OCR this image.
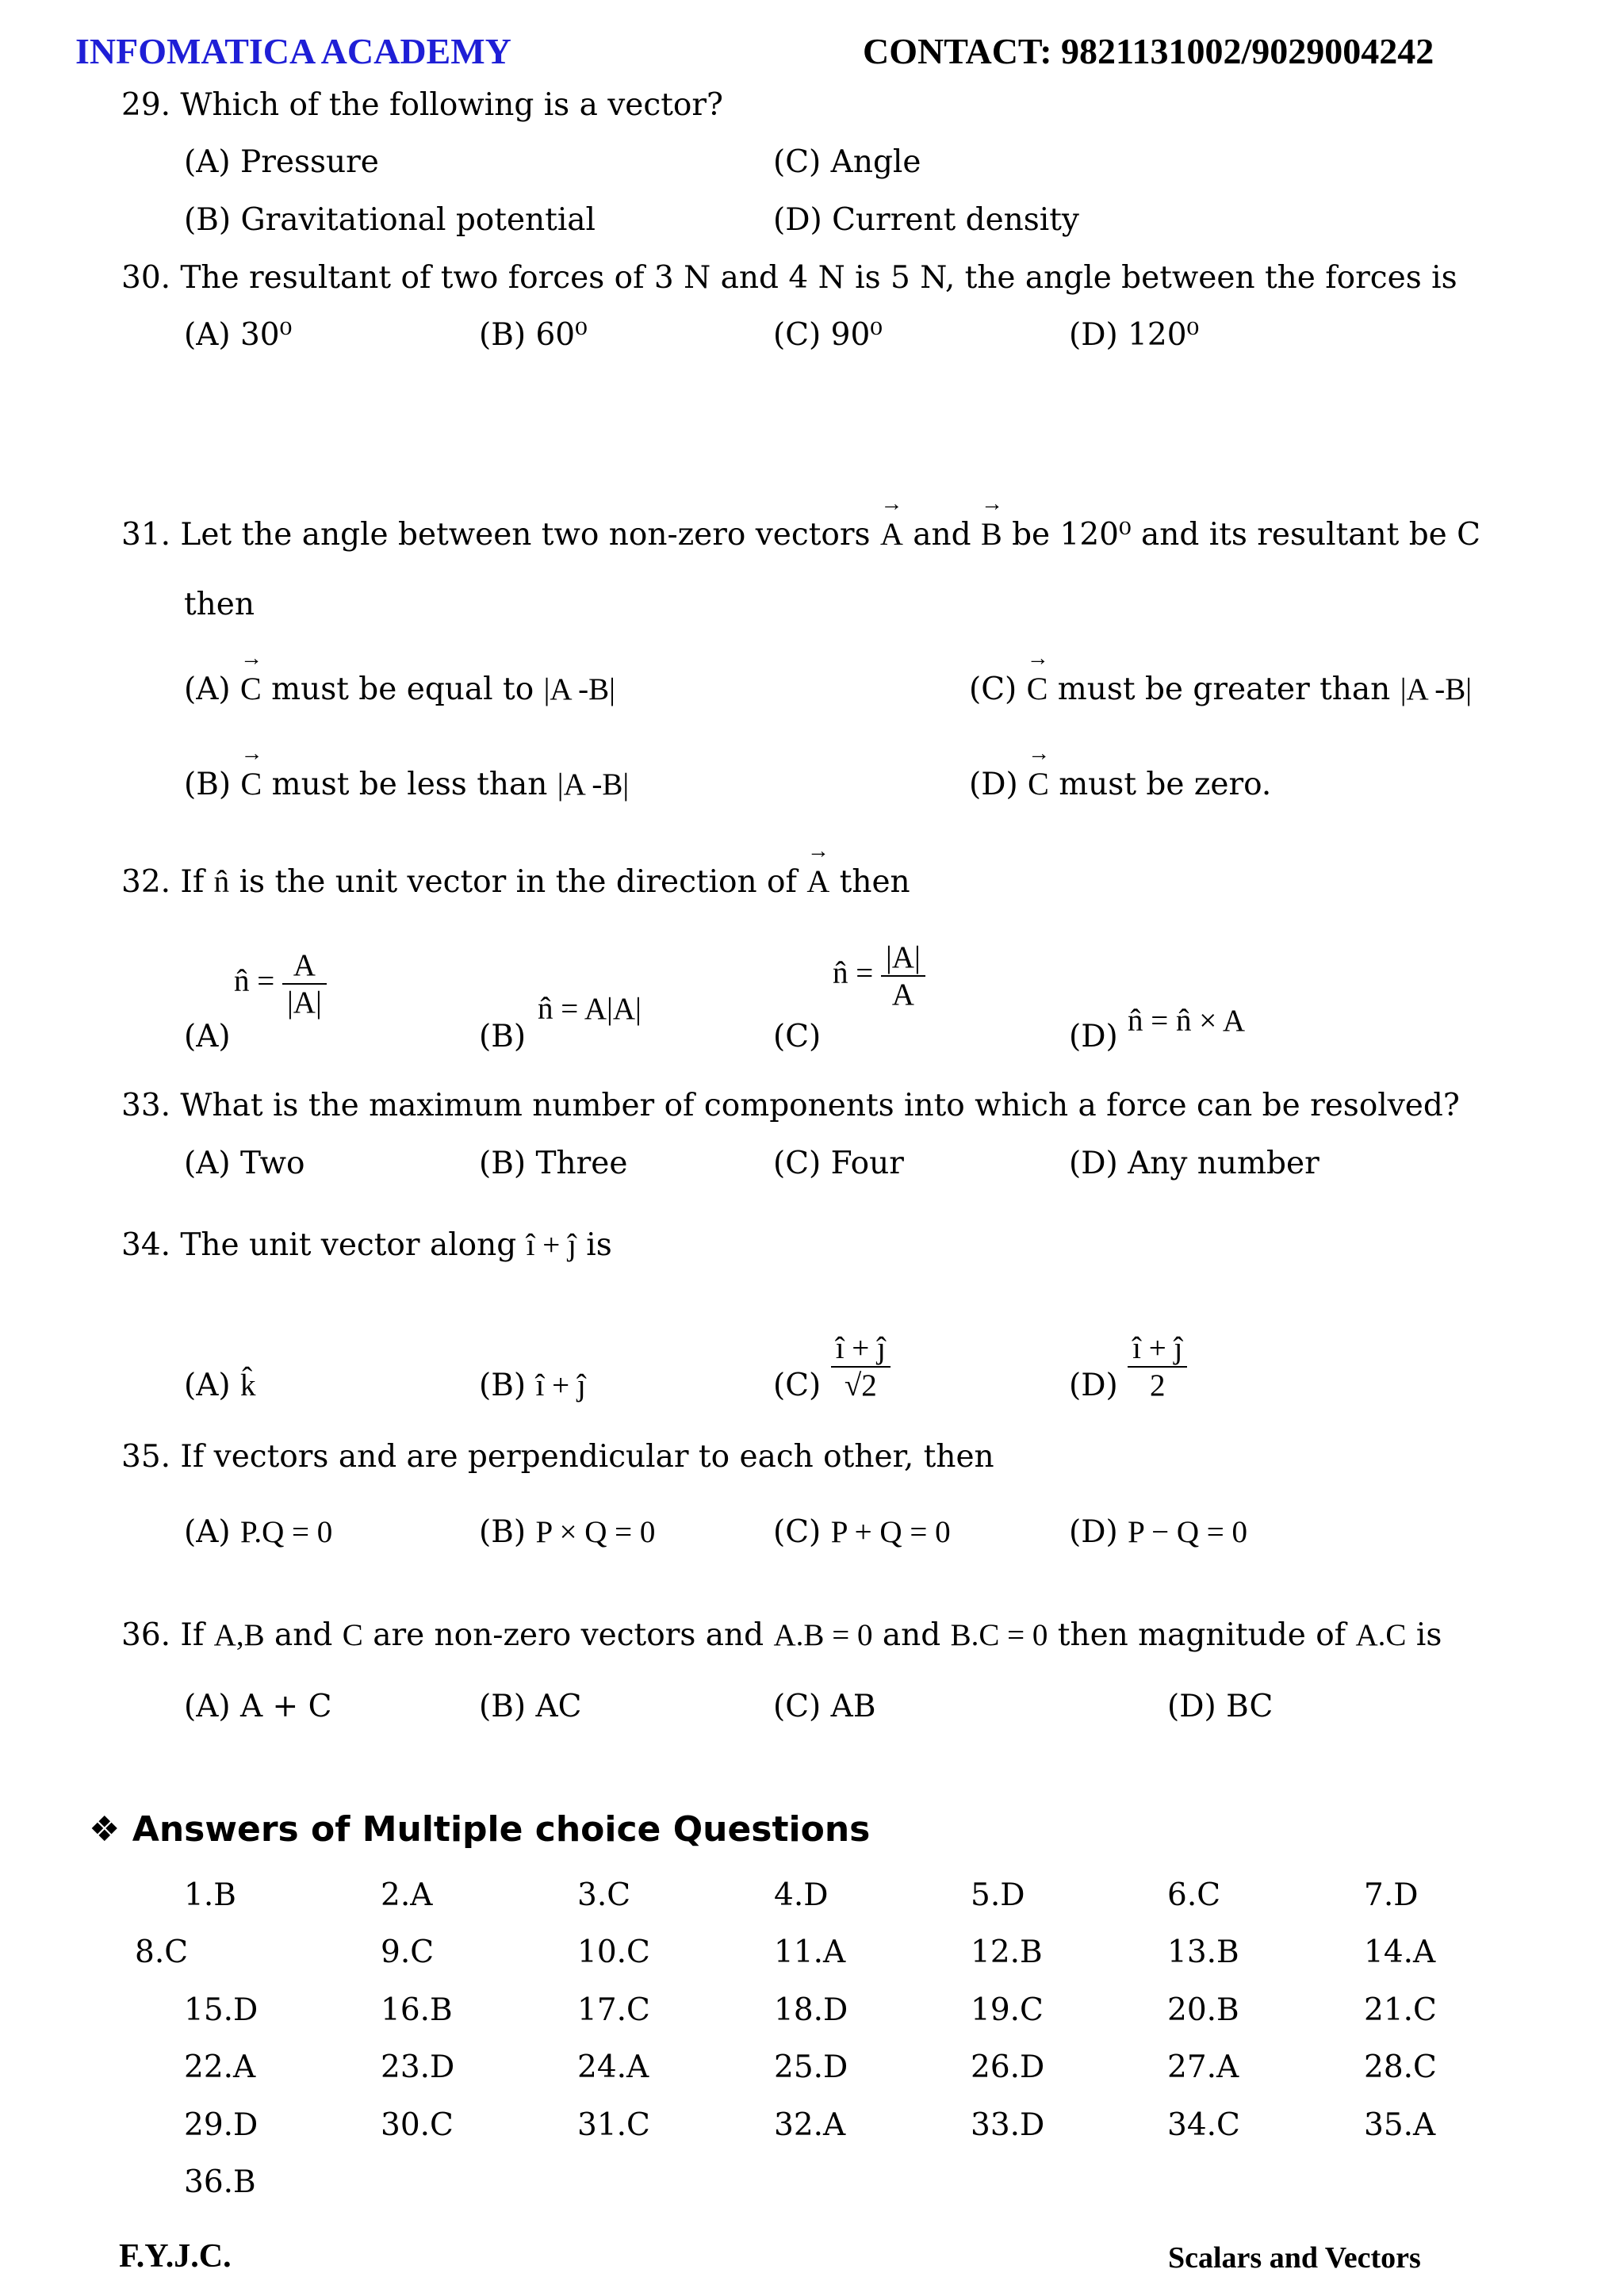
INFOMATICA ACADEMY	CONTACT: 9821131002/9029004242
29. Which of the following is a vector?
(A) Pressure	(C) Angle
(B) Gravitational potential	(D) Current density
30. The resultant of two forces of 3 N and 4 N is 5 N, the angle between the forces is
(A) 30⁰	(B) 60⁰	(C) 90⁰	(D) 120⁰
31. Let the angle between two non-zero vectors
→
A and
→
B be 120⁰ and its resultant be C
then
(A)
→
C must be equal to |A -B|	(C)
→
C must be greater than |A -B|
(B)
→
C must be less than |A -B|	(D)
→
C must be zero.
32. If n̂ is the unit vector in the direction of
→
A then
(A)
n̂ = $\frac{A}{|A|}$
(B)
n̂ = A|A|
(C)
n̂ = $\frac{|A|}{A}$
(D) n̂ = n̂ × A
33. What is the maximum number of components into which a force can be resolved?
(A) Two	(B) Three	(C) Four	(D) Any number
34. The unit vector along î + ĵ is
(A) k̂	(B) î + ĵ	$(C) \frac{î + ĵ}{√2}$	$(D) \frac{î + ĵ}{2}$
35. If vectors and are perpendicular to each other, then
(A) P.Q = 0	(B) P × Q = 0	(C) P + Q = 0	(D) P − Q = 0
36. If A,B and C are non-zero vectors and A.B = 0 and B.C = 0 then magnitude of A.C is
(A) A + C	(B) AC	(C) AB	(D) BC
❖ Answers of Multiple choice Questions
1.B	2.A	3.C	4.D	5.D	6.C	7.D
8.C	9.C	10.C	11.A	12.B	13.B	14.A
15.D	16.B	17.C	18.D	19.C	20.B	21.C
22.A	23.D	24.A	25.D	26.D	27.A	28.C
29.D	30.C	31.C	32.A	33.D	34.C	35.A
36.B
F.Y.J.C.	Scalars and Vectors
